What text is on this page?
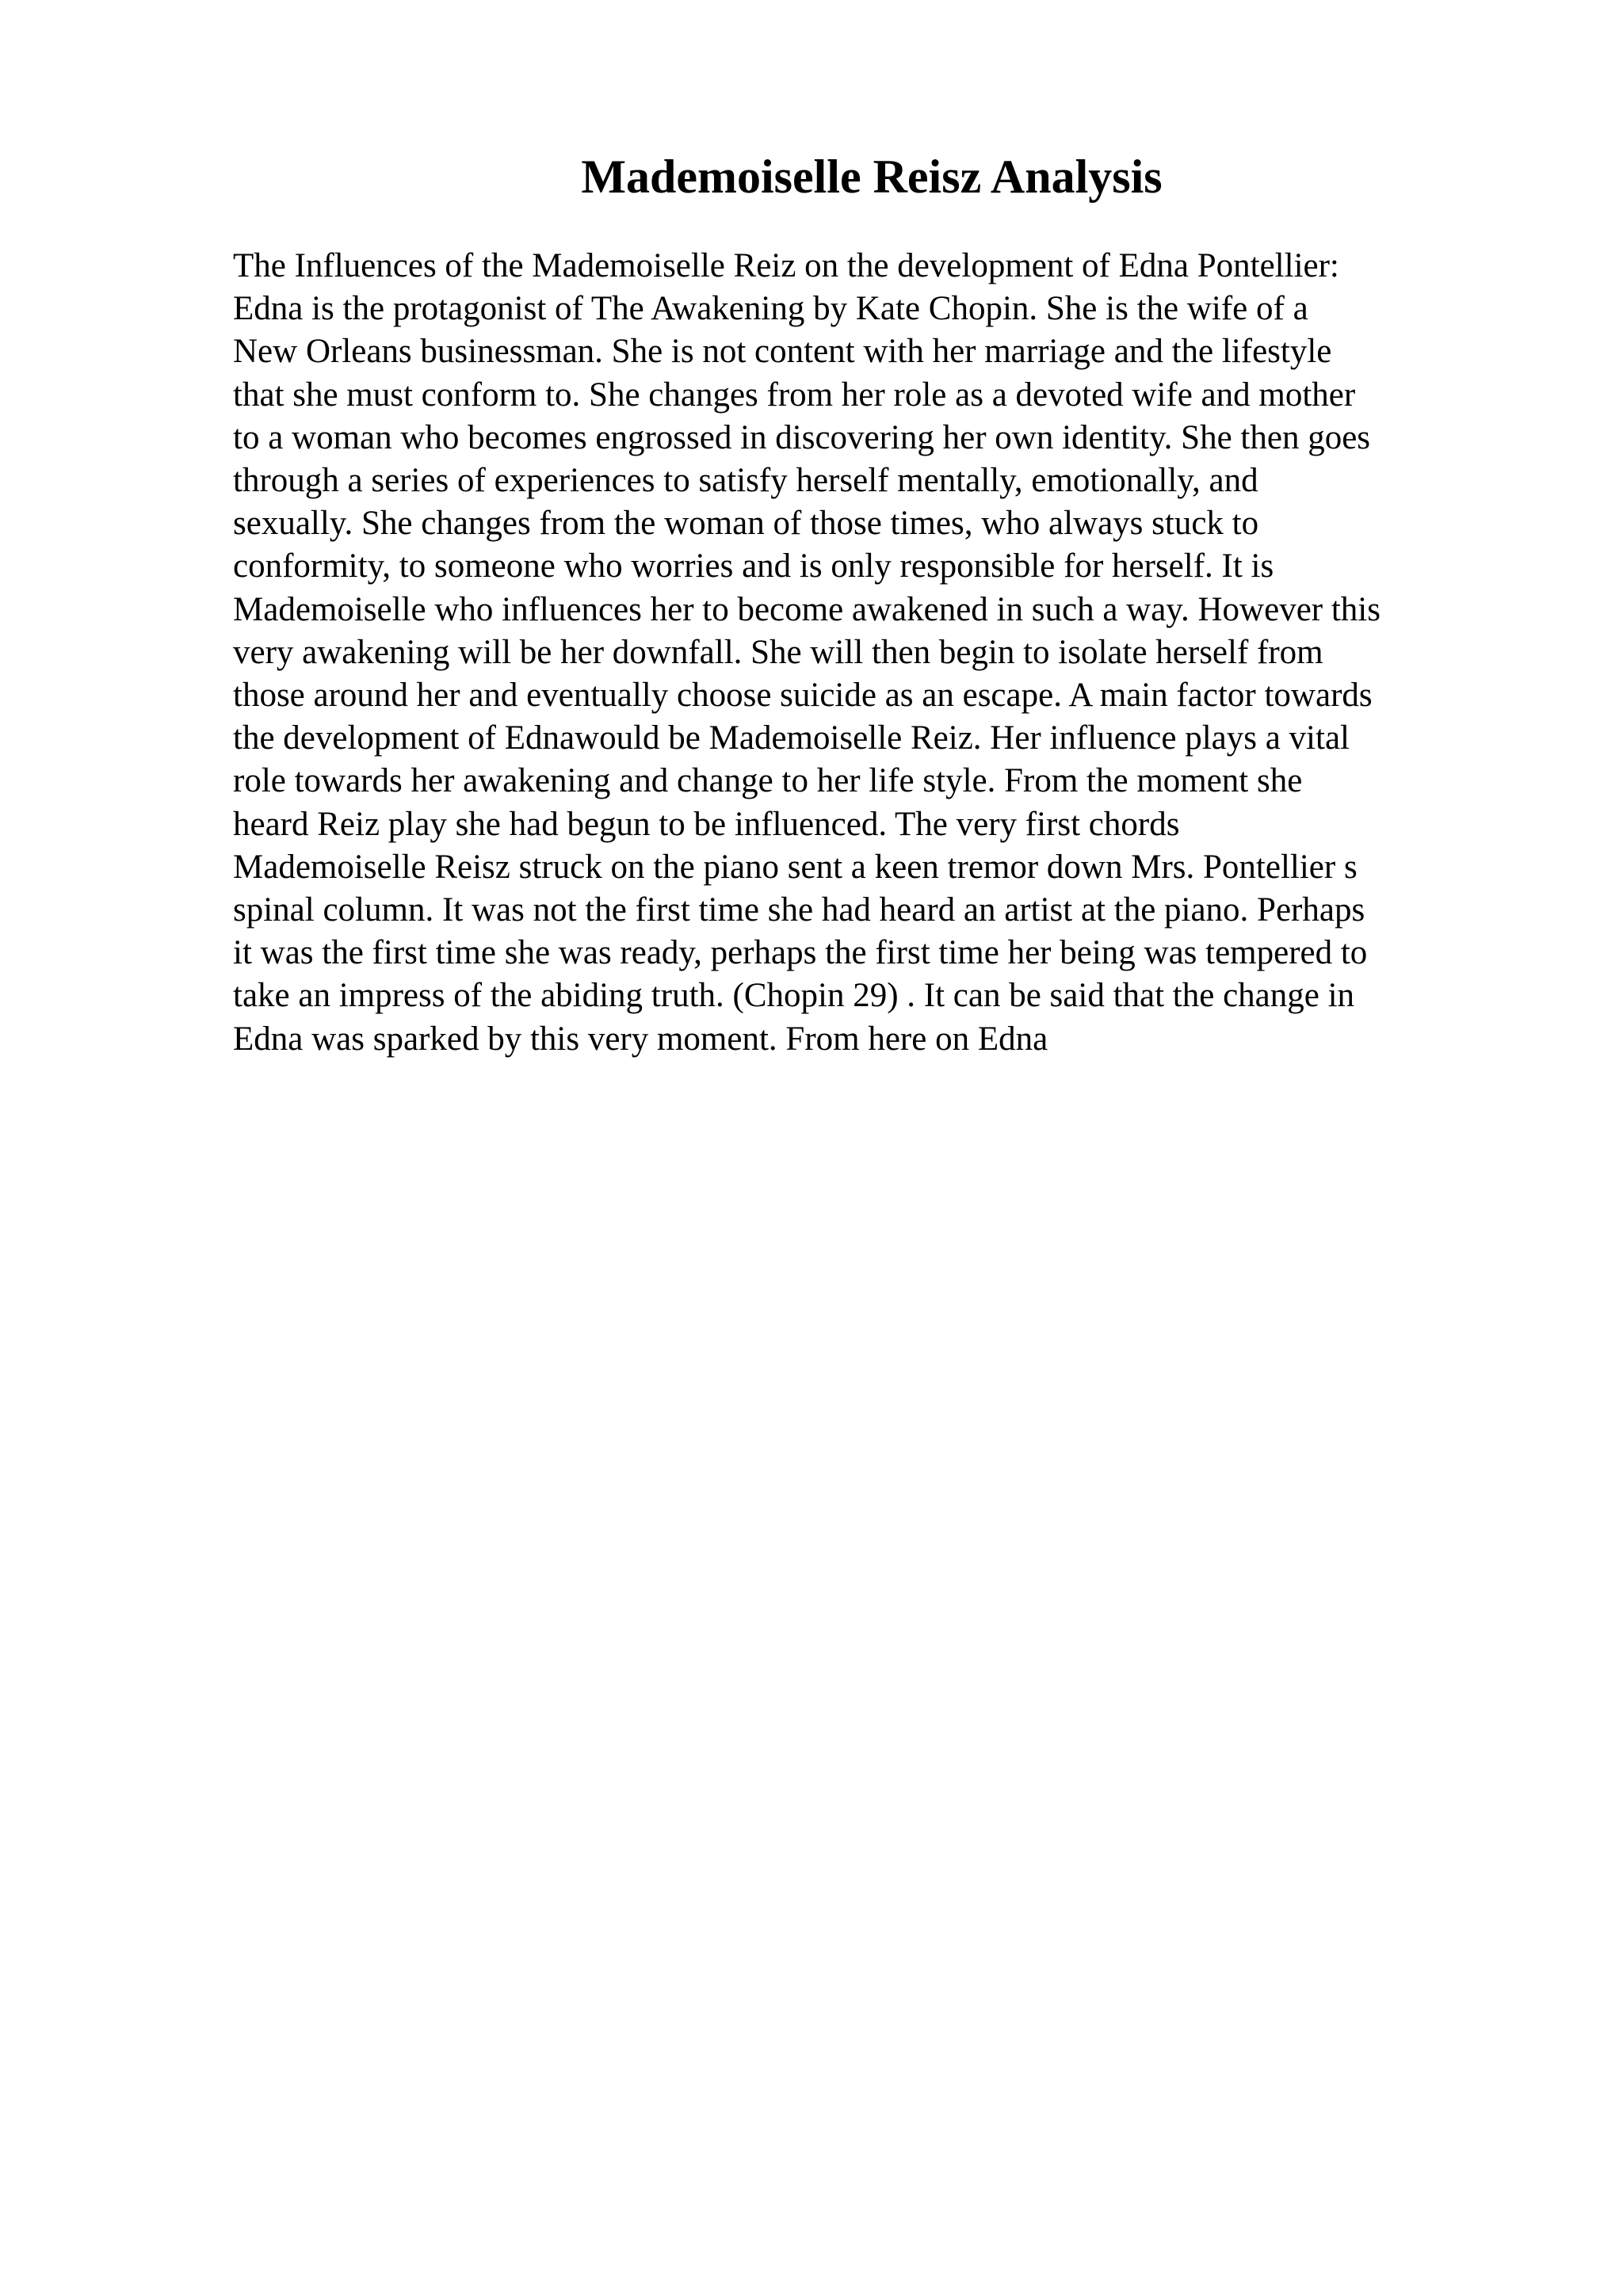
Mademoiselle Reisz Analysis
The Influences of the Mademoiselle Reiz on the development of Edna Pontellier:
Edna is the protagonist of The Awakening by Kate Chopin. She is the wife of a
New Orleans businessman. She is not content with her marriage and the lifestyle
that she must conform to. She changes from her role as a devoted wife and mother
to a woman who becomes engrossed in discovering her own identity. She then goes
through a series of experiences to satisfy herself mentally, emotionally, and
sexually. She changes from the woman of those times, who always stuck to
conformity, to someone who worries and is only responsible for herself. It is
Mademoiselle who influences her to become awakened in such a way. However this
very awakening will be her downfall. She will then begin to isolate herself from
those around her and eventually choose suicide as an escape. A main factor towards
the development of Ednawould be Mademoiselle Reiz. Her influence plays a vital
role towards her awakening and change to her life style. From the moment she
heard Reiz play she had begun to be influenced. The very first chords
Mademoiselle Reisz struck on the piano sent a keen tremor down Mrs. Pontellier s
spinal column. It was not the first time she had heard an artist at the piano. Perhaps
it was the first time she was ready, perhaps the first time her being was tempered to
take an impress of the abiding truth. (Chopin 29) . It can be said that the change in
Edna was sparked by this very moment. From here on Edna
